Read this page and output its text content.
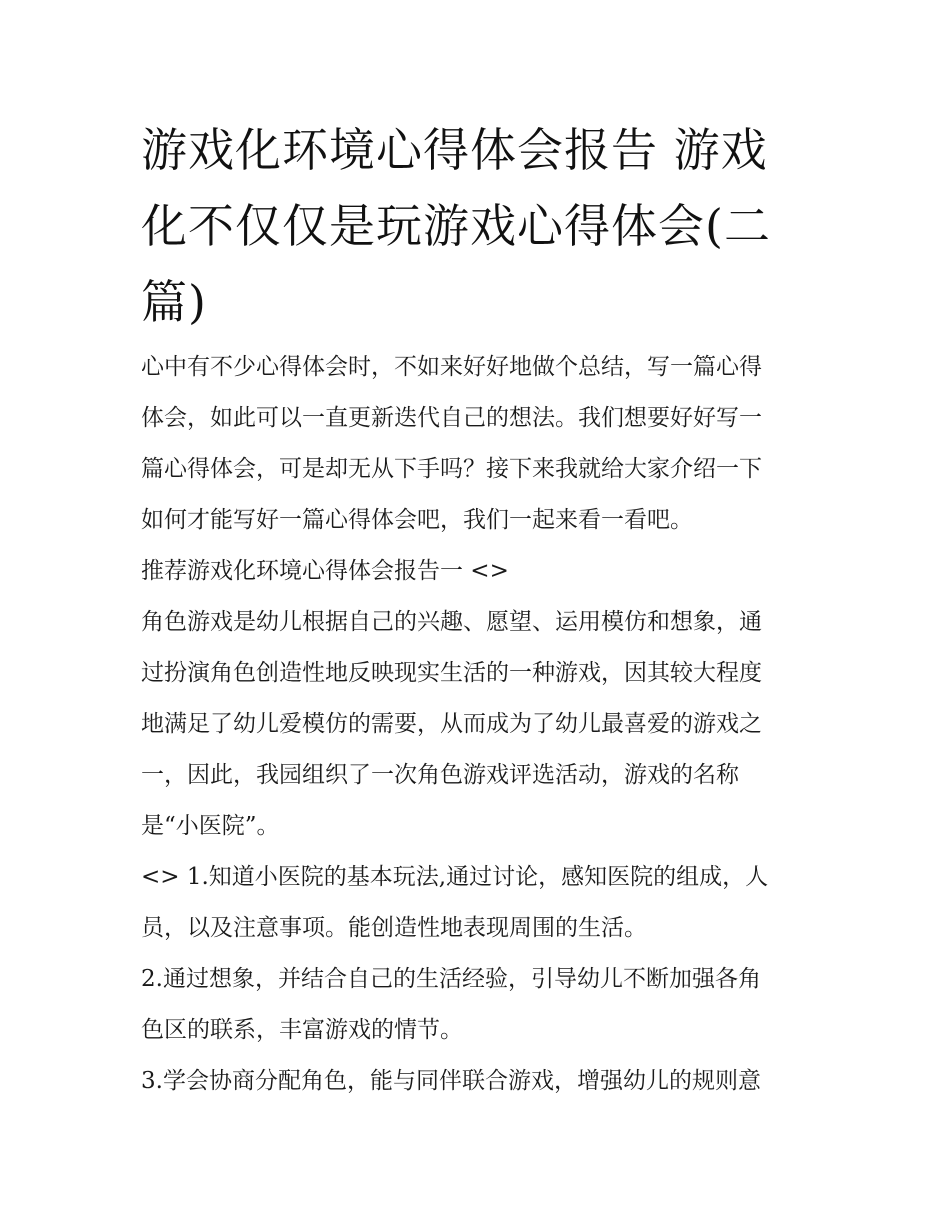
游戏化环境心得体会报告 游戏化不仅仅是玩游戏心得体会(二篇)
心中有不少心得体会时，不如来好好地做个总结，写一篇心得
体会，如此可以一直更新迭代自己的想法。我们想要好好写一
篇心得体会，可是却无从下手吗？接下来我就给大家介绍一下
如何才能写好一篇心得体会吧，我们一起来看一看吧。
推荐游戏化环境心得体会报告一 <>
角色游戏是幼儿根据自己的兴趣、愿望、运用模仿和想象，通
过扮演角色创造性地反映现实生活的一种游戏，因其较大程度
地满足了幼儿爱模仿的需要，从而成为了幼儿最喜爱的游戏之
一，因此，我园组织了一次角色游戏评选活动，游戏的名称
是“小医院”。
<> 1.知道小医院的基本玩法,通过讨论，感知医院的组成，人
员，以及注意事项。能创造性地表现周围的生活。
2.通过想象，并结合自己的生活经验，引导幼儿不断加强各角
色区的联系，丰富游戏的情节。
3.学会协商分配角色，能与同伴联合游戏，增强幼儿的规则意
